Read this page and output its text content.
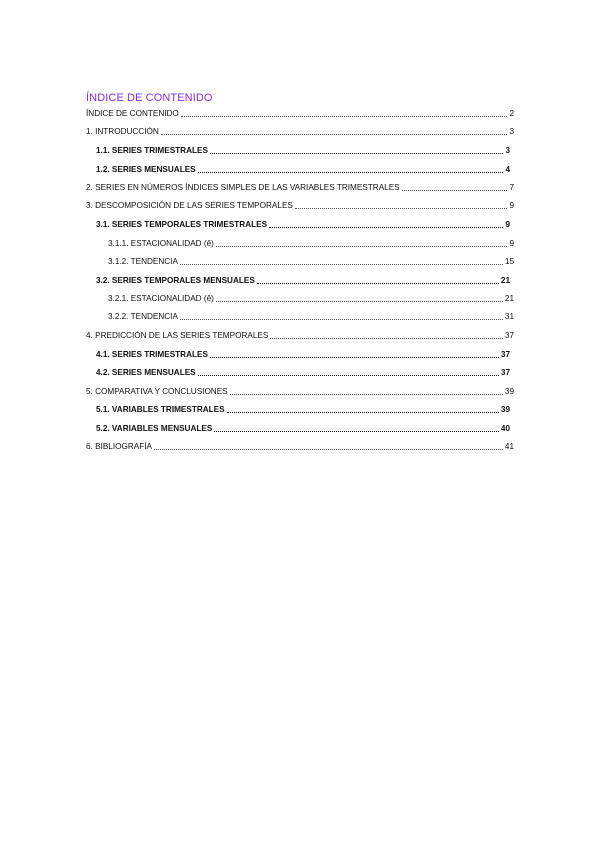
ÍNDICE DE CONTENIDO
ÍNDICE DE CONTENIDO	2
1. INTRODUCCIÓN	3
1.1. SERIES TRIMESTRALES	3
1.2. SERIES MENSUALES	4
2. SERIES EN NÚMEROS ÍNDICES SIMPLES DE LAS VARIABLES TRIMESTRALES	7
3. DESCOMPOSICIÓN DE LAS SERIES TEMPORALES	9
3.1. SERIES TEMPORALES TRIMESTRALES	9
3.1.1. ESTACIONALIDAD (ê)	9
3.1.2. TENDENCIA	15
3.2. SERIES TEMPORALES MENSUALES	21
3.2.1. ESTACIONALIDAD (ê)	21
3.2.2. TENDENCIA	31
4. PREDICCIÓN DE LAS SERIES TEMPORALES	37
4.1. SERIES TRIMESTRALES	37
4.2. SERIES MENSUALES	37
5. COMPARATIVA Y CONCLUSIONES	39
5.1. VARIABLES TRIMESTRALES	39
5.2. VARIABLES MENSUALES	40
6. BIBLIOGRAFÍA	41
